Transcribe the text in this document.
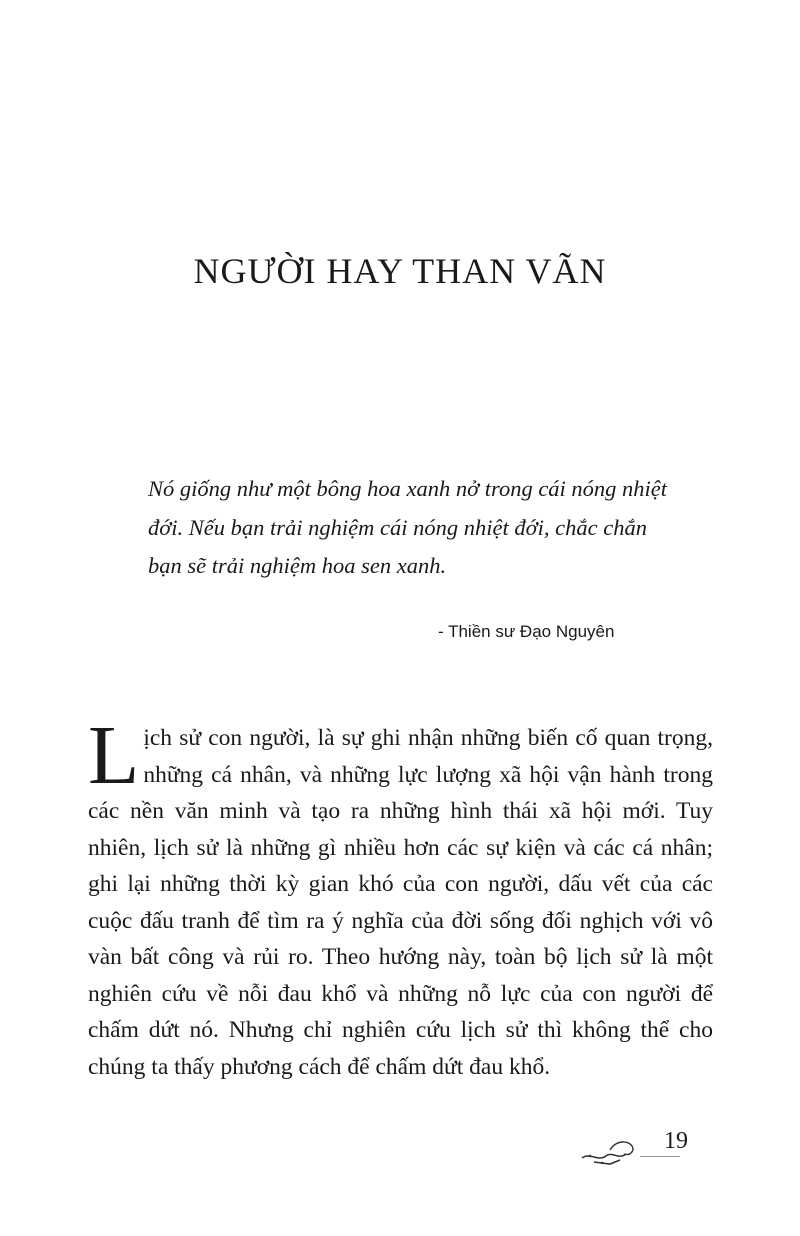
NGƯỜI HAY THAN VÃN

Nó giống như một bông hoa xanh nở trong cái nóng nhiệt đới. Nếu bạn trải nghiệm cái nóng nhiệt đới, chắc chắn bạn sẽ trải nghiệm hoa sen xanh.

- Thiền sư Đạo Nguyên
L ịch sử con người, là sự ghi nhận những biến cố quan trọng, những cá nhân, và những lực lượng xã hội vận hành trong các nền văn minh và tạo ra những hình thái xã hội mới. Tuy nhiên, lịch sử là những gì nhiều hơn các sự kiện và các cá nhân; ghi lại những thời kỳ gian khó của con người, dấu vết của các cuộc đấu tranh để tìm ra ý nghĩa của đời sống đối nghịch với vô vàn bất công và rủi ro. Theo hướng này, toàn bộ lịch sử là một nghiên cứu về nỗi đau khổ và những nỗ lực của con người để chấm dứt nó. Nhưng chỉ nghiên cứu lịch sử thì không thể cho chúng ta thấy phương cách để chấm dứt đau khổ.

19
